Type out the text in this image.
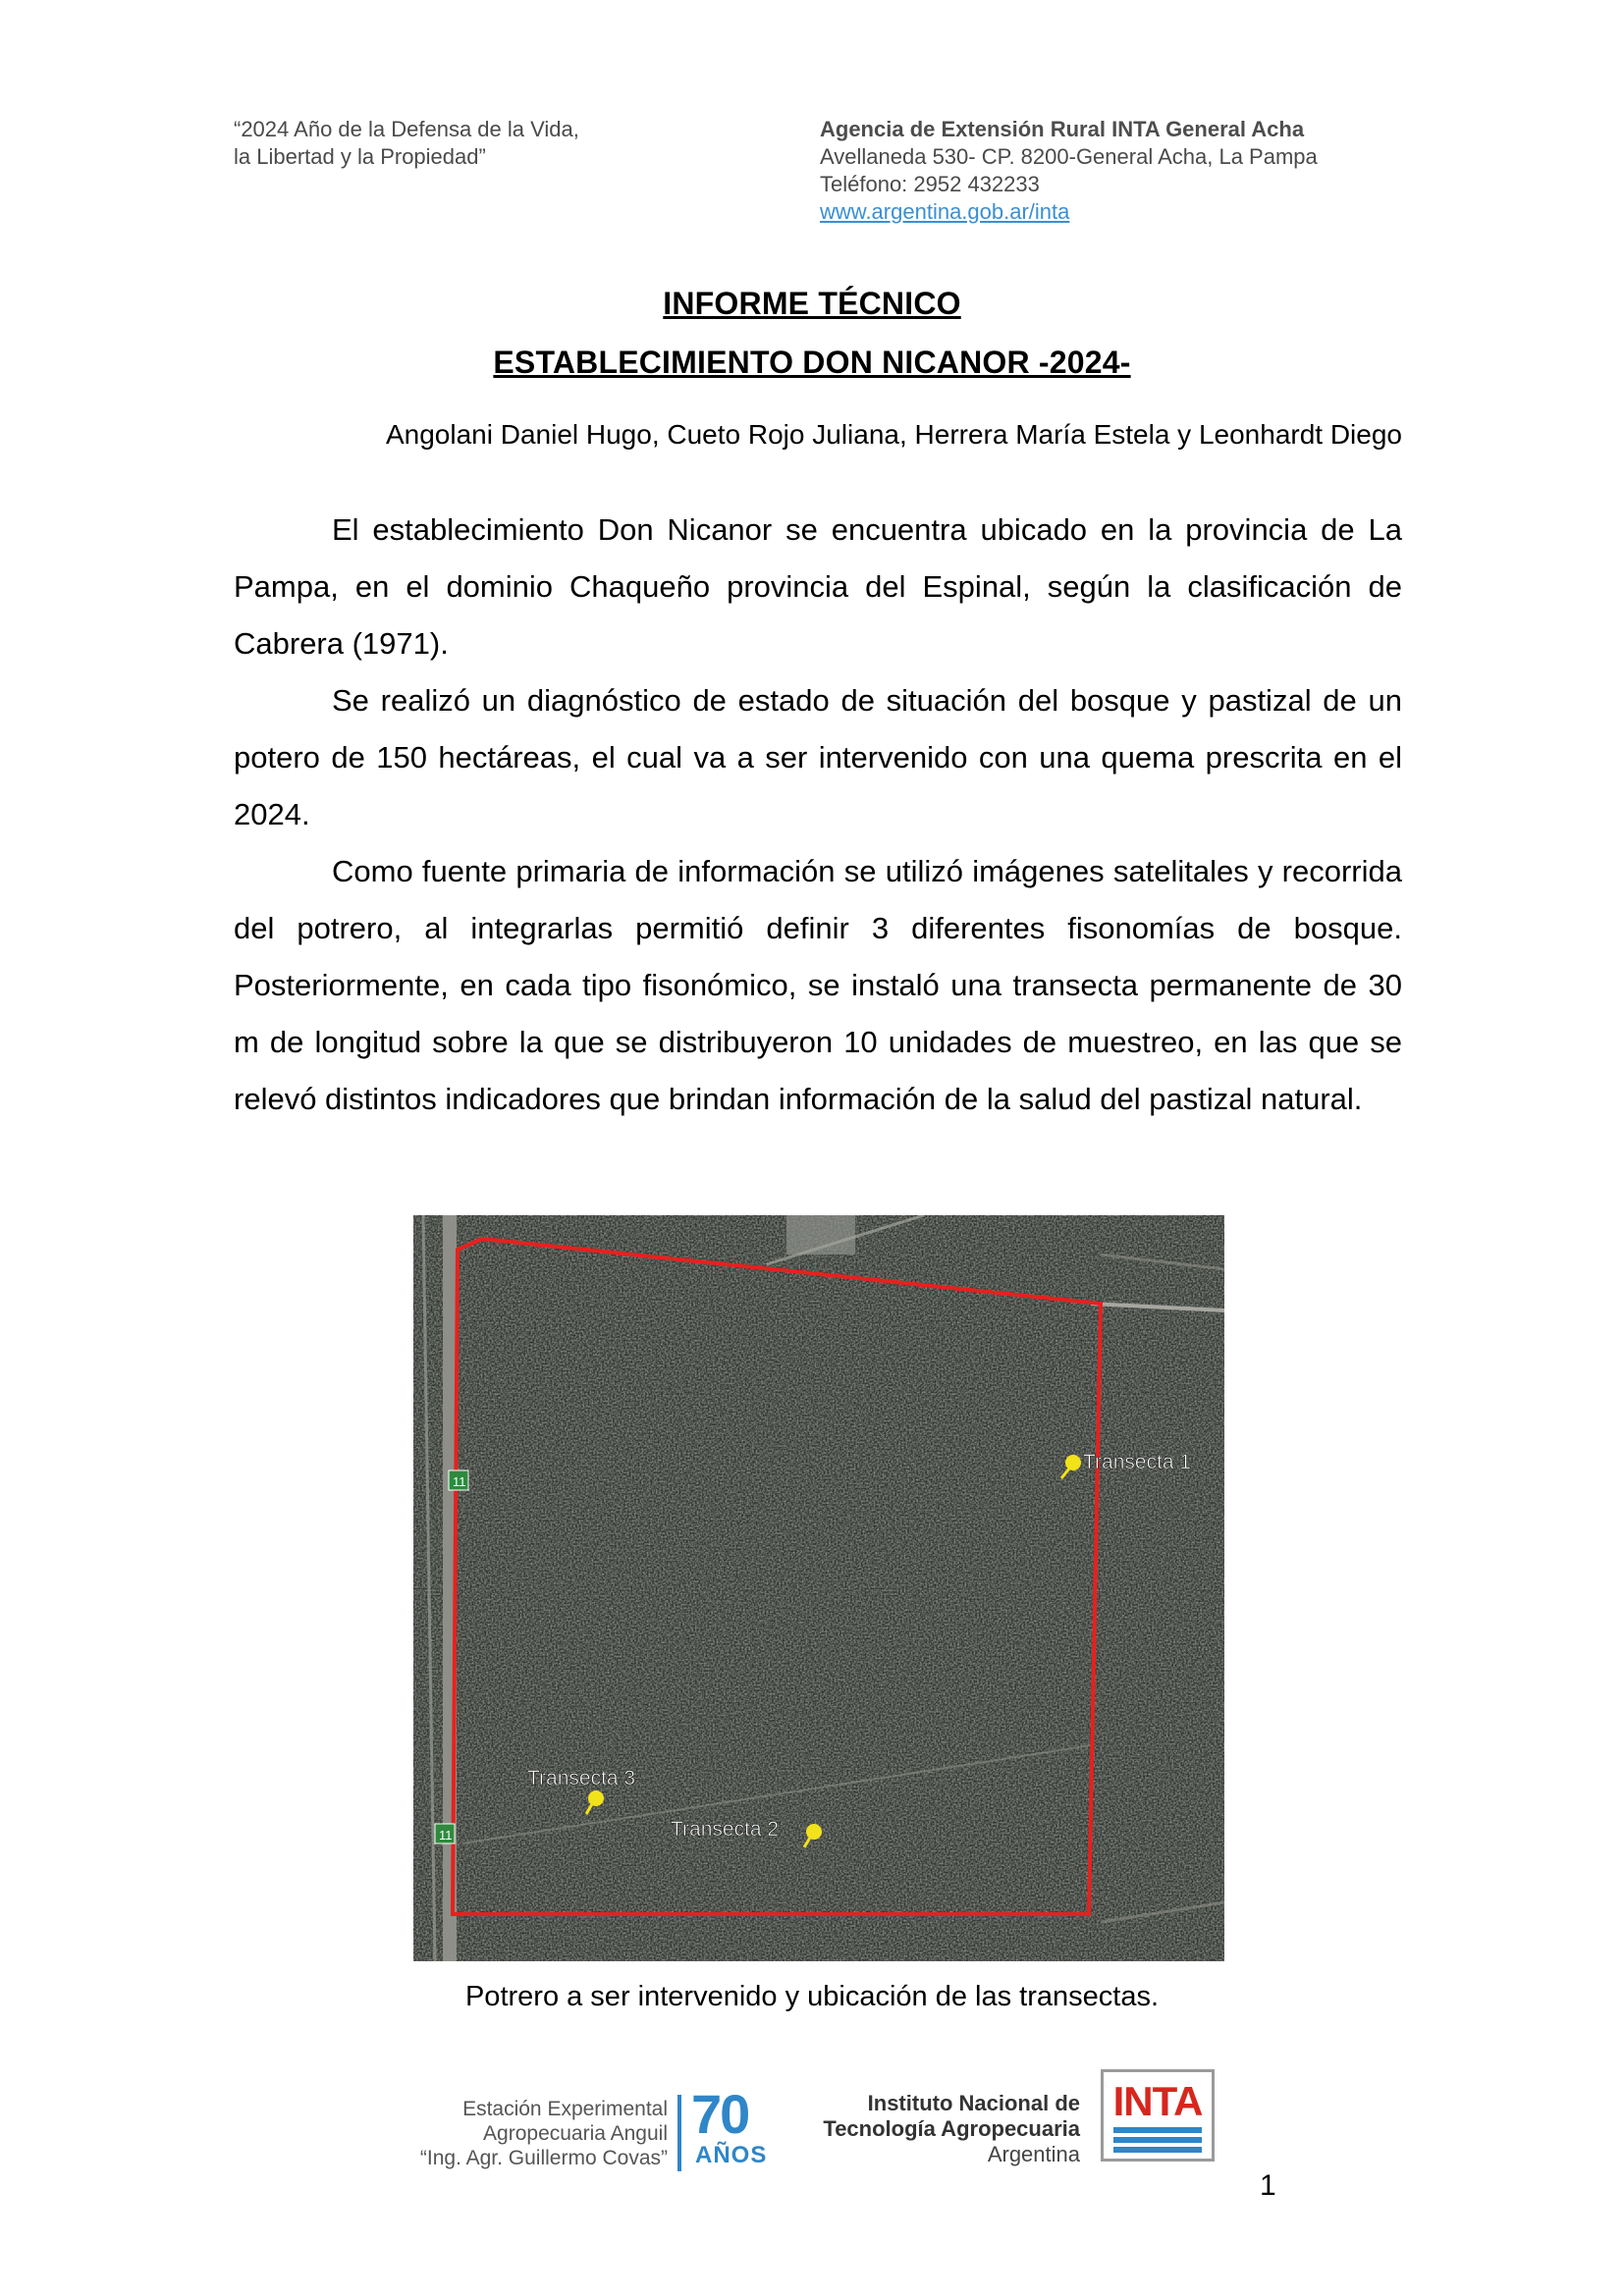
“2024 Año de la Defensa de la Vida,
la Libertad y la Propiedad”
Agencia de Extensión Rural INTA General Acha
Avellaneda 530- CP. 8200-General Acha, La Pampa
Teléfono: 2952 432233
www.argentina.gob.ar/inta
INFORME TÉCNICO
ESTABLECIMIENTO DON NICANOR -2024-
Angolani Daniel Hugo, Cueto Rojo Juliana, Herrera María Estela y Leonhardt Diego

El establecimiento Don Nicanor se encuentra ubicado en la provincia de La Pampa, en el dominio Chaqueño provincia del Espinal, según la clasificación de Cabrera (1971).

Se realizó un diagnóstico de estado de situación del bosque y pastizal de un potero de 150 hectáreas, el cual va a ser intervenido con una quema prescrita en el 2024.

Como fuente primaria de información se utilizó imágenes satelitales y recorrida del potrero, al integrarlas permitió definir 3 diferentes fisonomías de bosque. Posteriormente, en cada tipo fisonómico, se instaló una transecta permanente de 30 m de longitud sobre la que se distribuyeron 10 unidades de muestreo, en las que se relevó distintos indicadores que brindan información de la salud del pastizal natural.

Transecta 1
Transecta 2
Transecta 3
11
11
Potrero a ser intervenido y ubicación de las transectas.
Estación Experimental
Agropecuaria Anguil
“Ing. Agr. Guillermo Covas”
70
AÑOS
Instituto Nacional de
Tecnología Agropecuaria
Argentina
INTA
1
